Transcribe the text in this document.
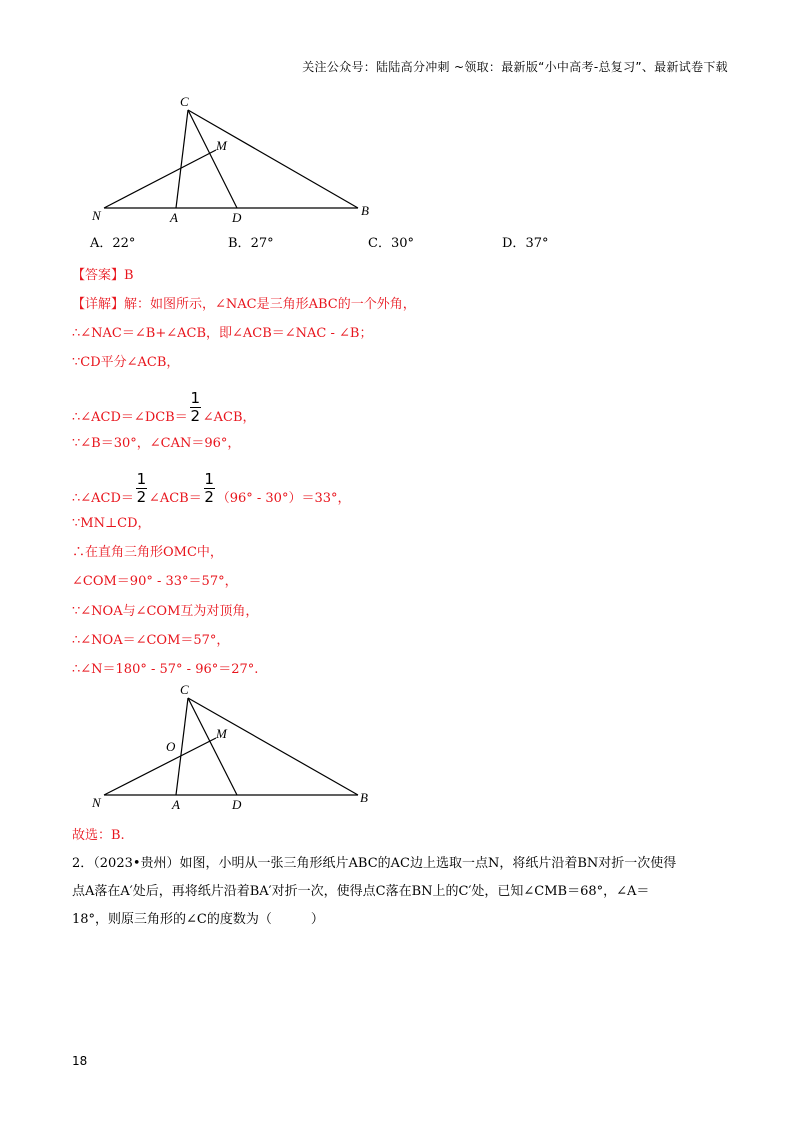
关注公众号：陆陆高分冲刺 ~领取：最新版“小中高考-总复习”、最新试卷下载
C
M
N	A	D	B
A．22°	B．27°	C．30°	D．37°
【答案】B
【详解】解：如图所示，∠NAC是三角形ABC的一个外角，
∴∠NAC＝∠B+∠ACB，即∠ACB＝∠NAC - ∠B；
∵CD平分∠ACB，
∴∠ACD＝∠DCB＝ $\frac{1}{2}$ ∠ACB，
∵∠B＝30°，∠CAN＝96°，
∴∠ACD＝ $\frac{1}{2}$ ∠ACB＝ $\frac{1}{2} (96^\circ - 30^\circ)=33^\circ$，
∵MN⊥CD，
∴在直角三角形OMC中，
∠COM＝90° - 33°＝57°，
∵∠NOA与∠COM互为对顶角，
∴∠NOA＝∠COM＝57°，
∴∠N＝180° - 57° - 96°＝27°.
C
M
O
N	A	D	B
故选：B.
2．（2023•贵州）如图，小明从一张三角形纸片ABC的AC边上选取一点N，将纸片沿着BN对折一次使得
点A落在A′处后，再将纸片沿着BA′对折一次，使得点C落在BN上的C′处，已知∠CMB＝68°，∠A＝
18°，则原三角形的∠C的度数为（　　　）
18
